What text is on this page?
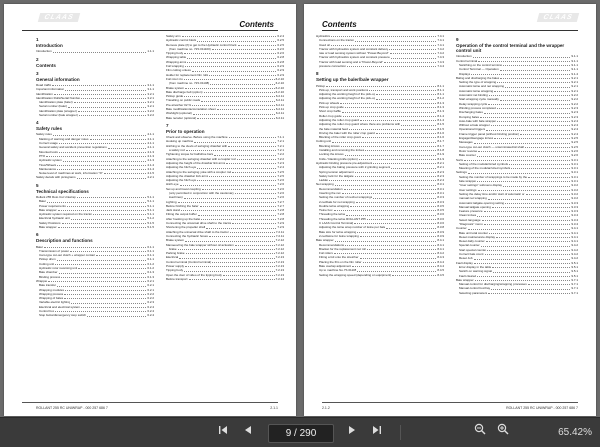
CLAAS
Contents
1
Introduction
Introduction	1.1.1
2
Contents
3
General information
Road traffic	3.1.1
Important information	3.1.1
Identification	3.2.1
Identification Rolls/Serial Number	3.2.1
Identification plate (baler)	3.2.1
Serial number (baler)	3.2.1
Identification plate (wrapper)	3.2.2
Serial number (bale wrapper)	3.2.2
4
Safety rules
Safety rules	4.1.1
Marking of warning and danger notes	4.1.1
Correct usage	4.1.1
General safety and accident prevention regulations	4.1.1
Mounted tools	4.1.3
PTO	4.1.3
Hydraulic system	4.1.3
Tires/Wheels	4.1.4
Maintenance	4.1.4
Noise level of machines at work, information "D"	4.1.5
Safety decals with pictograms	4.2.1
5
Technical specifications
Rollant 255 Roto Cut Uniwrap	5.1.1
Baler	5.1.1
Power requirements	5.1.1
Bale wrapper	5.1.1
Hydraulic system required on the tractor	5.1.1
Electrical hydraulic unit	5.1.2
Safety Positions	5.1.5
Bale wrapper	5.1.5
6
Description and functions
Baler	6.1.1
Transmission of power	6.1.1
Cam-type cut-out clutch + wrapper contact	6.1.1
Pickup drum	6.1.1
Cutting unit	6.1.2
Hydraulic rotor reversing unit	6.1.2
Bale chamber	6.1.3
Binding process	6.1.3
Wrapper	6.2.1
Bale transfer	6.2.1
Wrapping modules	6.2.1
Wrapping process	6.2.2
Wrapping of bales	6.2.2
Variable electric lighting	6.2.3
Electrical and electrical system	6.2.4
Control box	6.2.4
Stop button/Emergency stop switch	6.2.4
Safety arm	6.2.4
Hydraulic control block	6.2.5
Remove plate (if) to get to the Hydraulic control block	6.2.5
(from machine no. 72S 011100)	6.2.6
Tipping body	6.2.6
Wrapping table	6.2.8
Wrapping arms	6.2.8
Foil wrapping	6.2.9
Film cutting unless	6.2.9
Holder for replacement film rolls	6.2.9
Foil rotor rcu	6.2.10
(from machine no. 72S 01108)	6.2.10
Brake system	6.2.10
Bale discharge belt (option)	6.2.10
Pickup guide	6.2.11
Travelling on public roads	6.2.11
Pre-stretcher 02 %	6.2.11
Bale modification/accumulation sheet	6.2.11
Worklight (optional)	6.2.11
Bale recoder (optional)	6.2.11
7
Prior to operation
Check and observe. Before using the machine	7.1.1
Hooking up machine	7.2.1
Hitching to the clevis of swinging drawbar with	7.2.1
a safety rod	7.2.1
Tightening torque for ball/drive bars	7.2.2
Attaching to the swinging drawbar with a coupler rod	7.2.2
Adjusting the height of the drawbar link arms	7.2.3
Adjusting the hitch eye	7.2.4
Attaching to the swinging yoke with a coupler rod	7.2.5
Adjusting the drawbar fork arms	7.2.5
Adjusting the hitch eye	7.2.6
Hitch eye	7.2.6
Set up and travel coupling	7.2.6
(only permitted in conjunction with the cautionary	7.2.6
load lines)	7.2.6
Lighting	7.2.7
Before hitching the baler	7.2.7
Jack stand	7.2.8
Fitting the output buffer	7.2.8
After hooking up the baler	7.2.8
Connecting the universal drive shaft to the tractor	7.2.9
Shortening the propeller shaft	7.2.9
Attaching the universal drive shaft to the tractor	7.2.11
Connecting the hydraulic hoses	7.2.11
Brake system	7.2.12
Manoeuvring the bale wrapper without oil actuation	7.2.12
brake	7.2.12
Parking brake	7.2.12
Electrical	7.2.13
Control terminal (Control terminal)	7.2.13
Power supply	7.2.13
Tipping body	7.2.13
Open the door of video of the tipping body	7.2.13
Before transport	7.2.14
ROLLANT 255 RC UNIWRAP - 000 257 686 7	2.1.1
CLAAS
Contents
Hydraulics	7.4.1
Connections on the tractor	7.4.1
Used oil	7.4.1
Tractor with hydraulics system and constant delivery	7.4.2
rate or load sensing system without "Power-Beyond"	7.4.2
Tractor with hydraulics system and constant pressure	7.4.3
Tractor with load sensing and a "Power-Beyond"	7.4.3
pressure connection	7.4.4
8
Setting up the baler/bale wrapper
Pickup	8.1.1
Pick-up, transport and work positions	8.1.1
Adjusting the working height of the pick-up	8.1.1
Adjusting the working height of the pick-up	8.1.2
Pick-up wheels	8.1.3
Pick-up crop guide	8.1.3
Short crop baffle	8.1.3
Roller crop guide	8.1.4
Adjusting the roller crop guard	8.1.4
Adjusting the roller crop guard where there are problems with	8.1.5
the bale material feed	8.1.5
Driving the baler with the roller crop guard	8.1.6
Blocking of the roller crop guard	8.1.6
Cutting unit	8.1.7
Blocking knives	8.1.7
Installing and removing the knives	8.1.8
Locking the knives	8.1.9
Knife / blanking knife (option)	8.1.9
Hydraulic binding pressure pre-adjustment	8.2.1
Adjusting the baling pressure with 2 grinding segment	8.2.1
Spring tension adjustment	8.2.3
Safety lock for the tailgate	8.2.3
Ladder	8.2.4
Net wrapping	8.3.1
Recommendation	8.3.1
Inserting the net	8.3.1
Setting the number of net/net wrappings	8.3.3
2-net/bale for net wrapping	8.3.3
Double twine wrapping	8.3.5
Twine box	8.3.5
Threading the twine	8.3.6
Threading the twine ROLLANT 255	8.3.6
C LAAS Control Terminal)	8.3.6
Adjusting the twine wrap number of twine per bale	8.3.8
Bale size for twine wrapping	8.3.9
2-net/twine for twine wrapping	8.3.9
Bale wrapper	8.4.1
Recommendations	8.4.1
Bracket for the replacement net roll	8.4.1
Foil rollers	8.4.2
Fitting a foil onto the stretcher	8.4.3
Placing the film on the film roller	8.4.4
Bale overlap adjustment	8.4.4
Up to machine No.7S 01108	8.4.5
Setting the wrapping speed (depending on equipment)	8.4.5
9
Operation of the control terminal and the wrapper control unit
Introduction	9.1.1
Control terminal	9.1.1
Switching on the control terminal	9.1.1
Control Terminal — Operation	9.1.1
Displays	9.1.4
Baling and discharging the bales	9.2.1
Setting the type of wrapping	9.2.1
Automatic twine and net wrapping	9.2.1
Automatic twine wrapping	9.2.1
Automatic net binding	9.2.2
Start wrapping cycle manually	9.2.2
Delay wrapping cycle	9.2.2
Winding process completed	9.2.3
Discharging bales	9.2.3
Dumping bales	9.2.3
Auto-bale with bale wrapper	9.2.4
Without a bale wrapper	9.2.4
Operational triggers	9.2.4
Frame trigger panel (without binding position)	9.2.4
Engage/disengage knives	9.2.5
Messages	9.2.5
Cam-type cut-out clutch — unterminated/oil shaft	9.2.5
Rotor reverse	9.2.6
Bale counter	9.2.6
Sorts	9.3.1
Setting of the modular/sized symbols	9.3.1
Meaning of the modular/sized symbols	9.3.1
Settings	9.3.1
Setting the number of wrappings to be made by the	9.3.1
bale wrapper	9.3.1
"User settings" submenu display	9.3.2
User settings	9.3.2
Setting the delay time and/or start of automatic or	9.3.2
manual net wrapping	9.3.2
Automatic tailgate opening setting	9.3.3
Manual tailgate opening	9.3.3
Feature presence	9.3.3
Clean knives	9.3.4
Select language	9.3.4
"Diagnosis" menu	9.3.4
Counter	9.4.1
Bale unit total counter	9.4.1
Reset maintenance display	9.4.1
Reset daily counter	9.4.1
Special counter	9.4.2
Start special counter	9.4.2
Correct bale count	9.4.2
Reset Job	9.4.2
Fault display	9.5.1
Error display in the table	9.5.1
Switch on warning signal	9.5.1
Fault cleared	9.5.1
Bale wrapper	9.7.1
Manual control for discharging/wrapping processes	9.7.1
Manual control box/tray	9.7.1
Selecting parameters	9.7.1
2.1.2	ROLLANT 255 RC UNIWRAP - 000 257 686 7
9 / 290	65.42%
